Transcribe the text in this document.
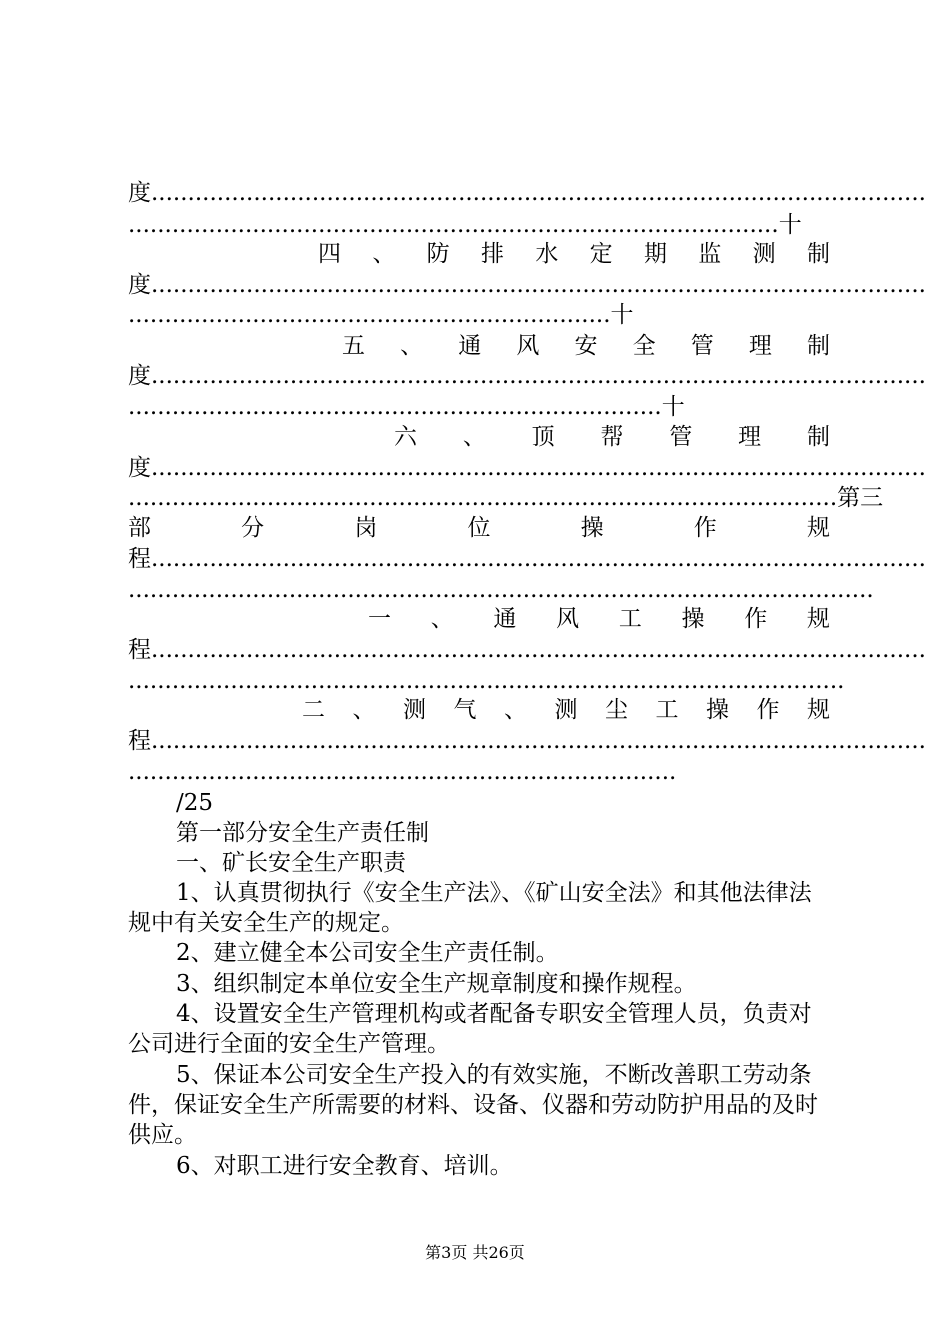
度..........................................................................................................
.........................................................................................十
四 、 防 排 水 定 期 监 测 制
度..........................................................................................................
..................................................................十
五 、 通 风 安 全 管 理 制
度..........................................................................................................
.........................................................................十
六 、 顶 帮 管 理 制
度..........................................................................................................
.................................................................................................第三
部	分	岗	位	操	作	规
程..........................................................................................................
......................................................................................................
一 、 通 风 工 操 作 规
程..........................................................................................................
..................................................................................................
二 、 测 气 、 测 尘 工 操 作 规
程..........................................................................................................
...........................................................................
/25
第一部分安全生产责任制
一、矿长安全生产职责
1、认真贯彻执行《安全生产法》、《矿山安全法》和其他法律法规中有关安全生产的规定。
2、建立健全本公司安全生产责任制。
3、组织制定本单位安全生产规章制度和操作规程。
4、设置安全生产管理机构或者配备专职安全管理人员，负责对公司进行全面的安全生产管理。
5、保证本公司安全生产投入的有效实施，不断改善职工劳动条件，保证安全生产所需要的材料、设备、仪器和劳动防护用品的及时供应。
6、对职工进行安全教育、培训。
第3页 共26页
